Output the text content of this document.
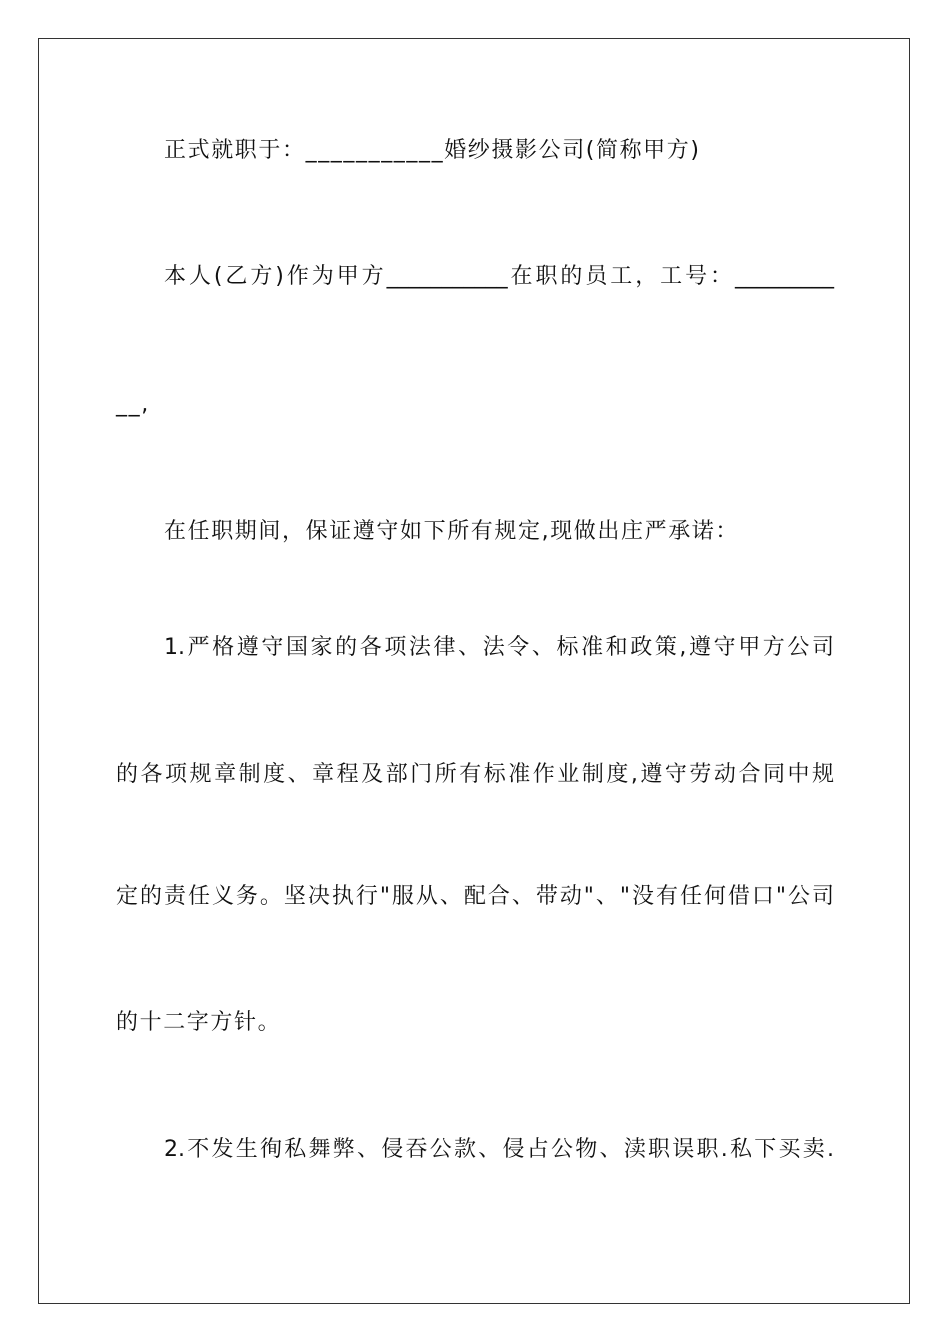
正式就职于：___________婚纱摄影公司(简称甲方)
本人(乙方)作为甲方___________在职的员工，工号：_________
__,
在任职期间，保证遵守如下所有规定,现做出庄严承诺：
1.严格遵守国家的各项法律、法令、标准和政策,遵守甲方公司
的各项规章制度、章程及部门所有标准作业制度,遵守劳动合同中规
定的责任义务。坚决执行"服从、配合、带动"、"没有任何借口"公司
的十二字方针。
2.不发生徇私舞弊、侵吞公款、侵占公物、渎职误职.私下买卖.
